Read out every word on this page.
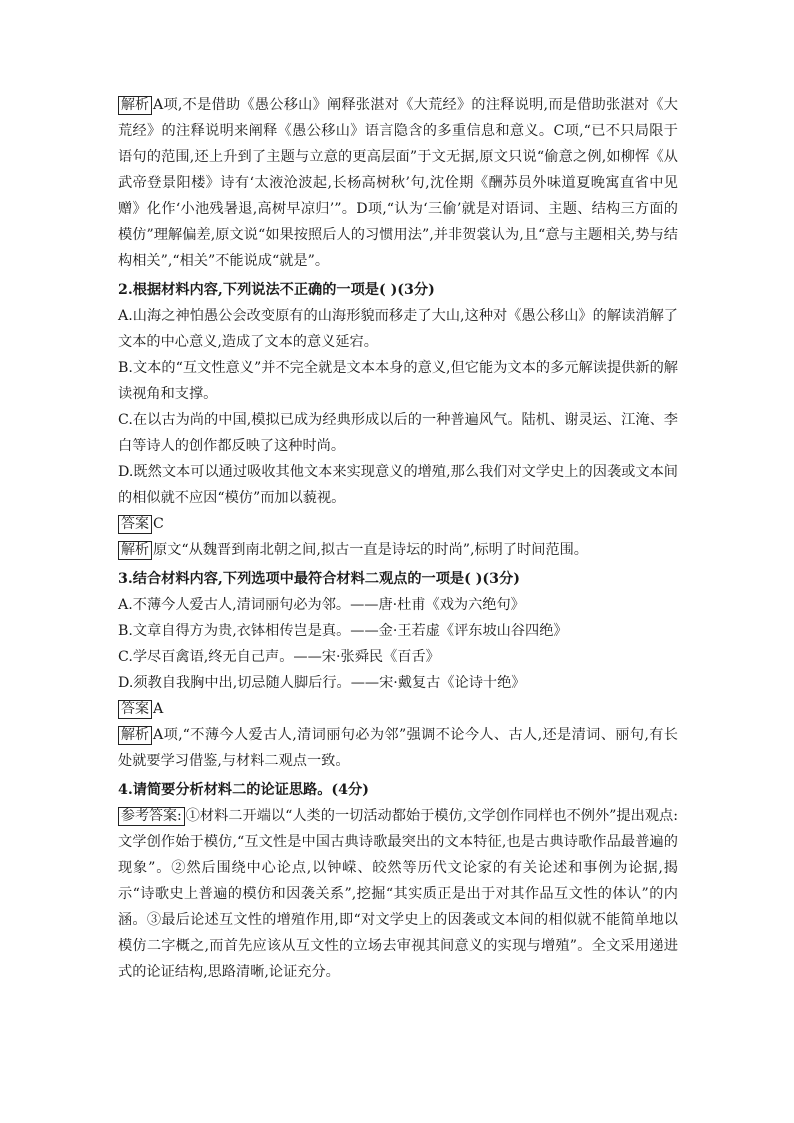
解析 A项,不是借助《愚公移山》阐释张湛对《大荒经》的注释说明,而是借助张湛对《大荒经》的注释说明来阐释《愚公移山》语言隐含的多重信息和意义。C项,“已不只局限于语句的范围,还上升到了主题与立意的更高层面”于文无据,原文只说“偷意之例,如柳恽《从武帝登景阳楼》诗有‘太液沧波起,长杨高树秋’句,沈佺期《酬苏员外味道夏晚寓直省中见赠》化作‘小池残暑退,高树早凉归’”。D项,“认为‘三偷’就是对语词、主题、结构三方面的模仿”理解偏差,原文说“如果按照后人的习惯用法”,并非贺裳认为,且“意与主题相关,势与结构相关”,“相关”不能说成“就是”。

2.根据材料内容,下列说法不正确的一项是( )(3分)

A.山海之神怕愚公会改变原有的山海形貌而移走了大山,这种对《愚公移山》的解读消解了文本的中心意义,造成了文本的意义延宕。

B.文本的“互文性意义”并不完全就是文本本身的意义,但它能为文本的多元解读提供新的解读视角和支撑。

C.在以古为尚的中国,模拟已成为经典形成以后的一种普遍风气。陆机、谢灵运、江淹、李白等诗人的创作都反映了这种时尚。

D.既然文本可以通过吸收其他文本来实现意义的增殖,那么我们对文学史上的因袭或文本间的相似就不应因“模仿”而加以藐视。

答案 C

解析 原文“从魏晋到南北朝之间,拟古一直是诗坛的时尚”,标明了时间范围。

3.结合材料内容,下列选项中最符合材料二观点的一项是( )(3分)

A.不薄今人爱古人,清词丽句必为邻。——唐·杜甫《戏为六绝句》

B.文章自得方为贵,衣钵相传岂是真。——金·王若虚《评东坡山谷四绝》

C.学尽百禽语,终无自己声。——宋·张舜民《百舌》

D.须教自我胸中出,切忌随人脚后行。——宋·戴复古《论诗十绝》

答案 A

解析 A项,“不薄今人爱古人,清词丽句必为邻”强调不论今人、古人,还是清词、丽句,有长处就要学习借鉴,与材料二观点一致。

4.请简要分析材料二的论证思路。(4分)

参考答案: ①材料二开端以“人类的一切活动都始于模仿,文学创作同样也不例外”提出观点:文学创作始于模仿,“互文性是中国古典诗歌最突出的文本特征,也是古典诗歌作品最普遍的现象”。②然后围绕中心论点,以钟嵘、皎然等历代文论家的有关论述和事例为论据,揭示“诗歌史上普遍的模仿和因袭关系”,挖掘“其实质正是出于对其作品互文性的体认”的内涵。③最后论述互文性的增殖作用,即“对文学史上的因袭或文本间的相似就不能简单地以模仿二字概之,而首先应该从互文性的立场去审视其间意义的实现与增殖”。全文采用递进式的论证结构,思路清晰,论证充分。
